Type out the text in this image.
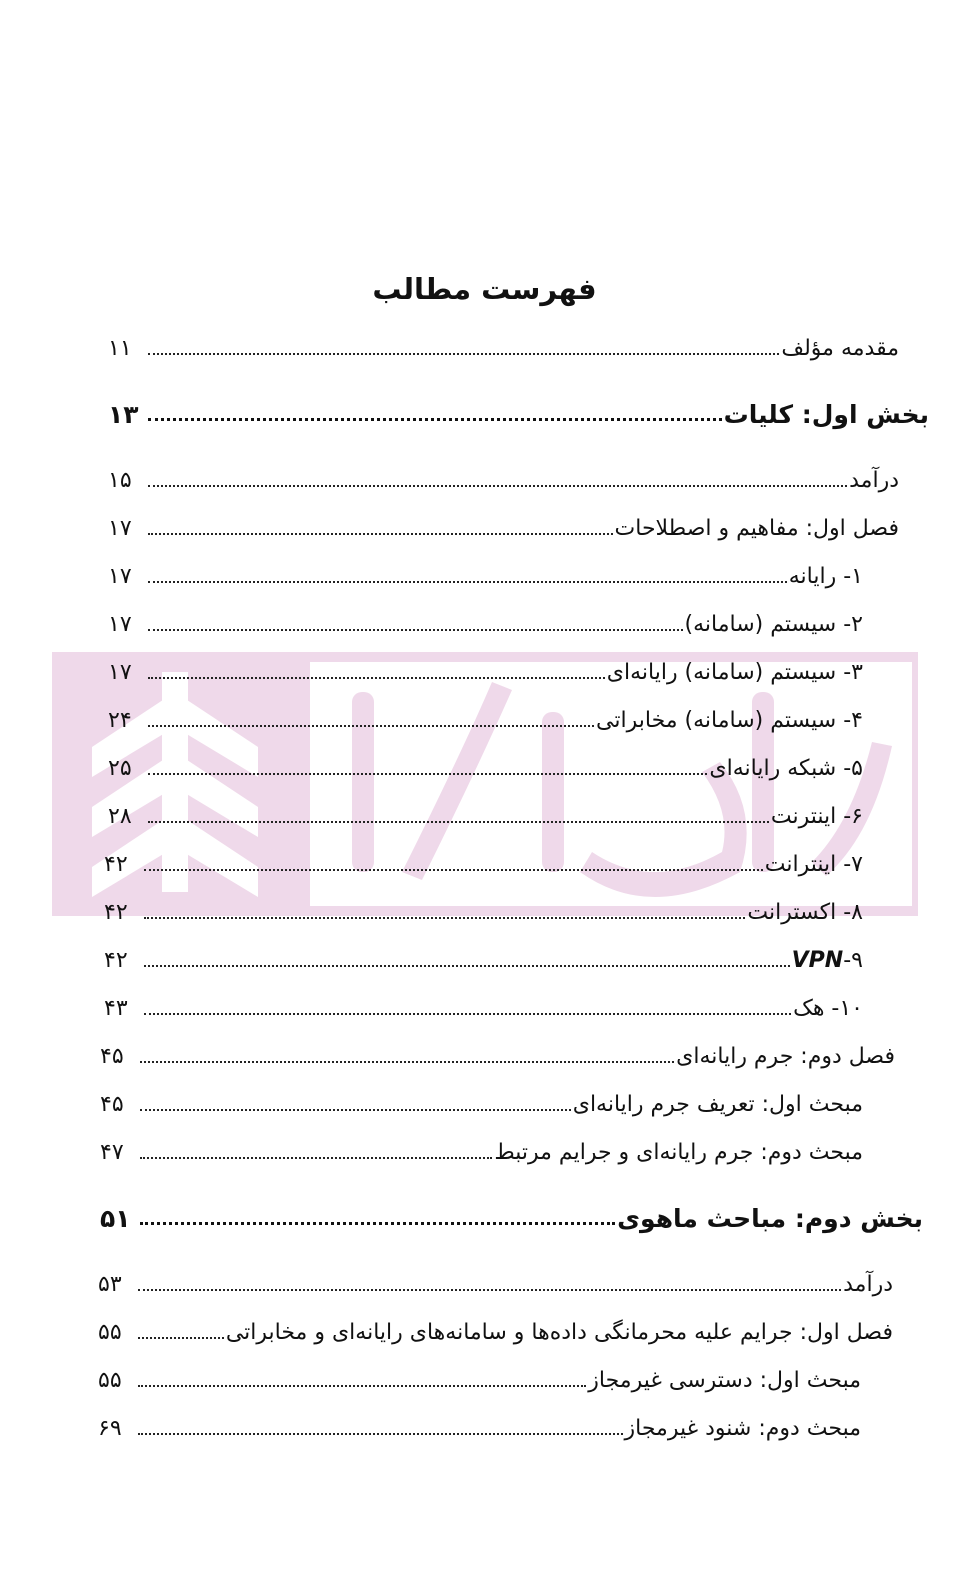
فهرست مطالب
مقدمه مؤلف
۱۱
بخش اول: کلیات
۱۳
درآمد
۱۵
فصل اول: مفاهیم و اصطلاحات
۱۷
۱- رایانه
۱۷
۲- سیستم (سامانه)
۱۷
۳- سیستم (سامانه) رایانه‌ای
۱۷
۴- سیستم (سامانه) مخابراتی
۲۴
۵- شبکه رایانه‌ای
۲۵
۶- اینترنت
۲۸
۷- اینترانت
۴۲
۸- اکسترانت
۴۲
۹-VPN
۴۲
۱۰- هک
۴۳
فصل دوم: جرم رایانه‌ای
۴۵
مبحث اول: تعریف جرم رایانه‌ای
۴۵
مبحث دوم: جرم رایانه‌ای و جرایم مرتبط
۴۷
بخش دوم: مباحث ماهوی
۵۱
درآمد
۵۳
فصل اول: جرایم علیه محرمانگی داده‌ها و سامانه‌های رایانه‌ای و مخابراتی
۵۵
مبحث اول: دسترسی غیرمجاز
۵۵
مبحث دوم: شنود غیرمجاز
۶۹
